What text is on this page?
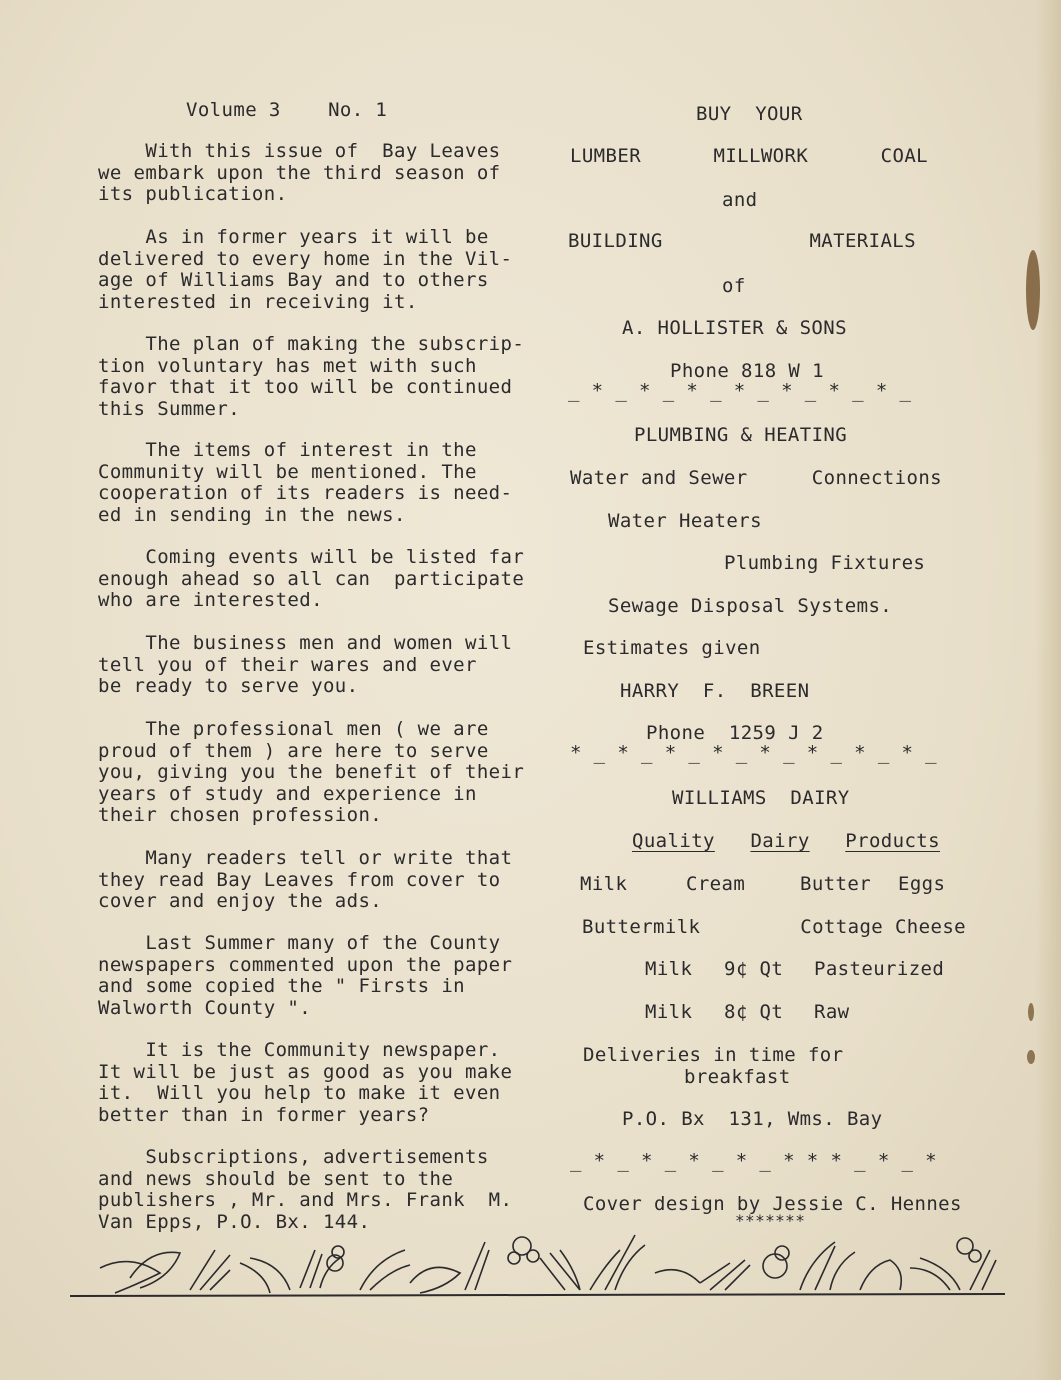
Volume 3 No. 1
With this issue of  Bay Leaves
we embark upon the third season of
its publication.
As in former years it will be
delivered to every home in the Vil-
age of Williams Bay and to others
interested in receiving it.
The plan of making the subscrip-
tion voluntary has met with such
favor that it too will be continued
this Summer.
The items of interest in the
Community will be mentioned. The
cooperation of its readers is need-
ed in sending in the news.
Coming events will be listed far
enough ahead so all can  participate
who are interested.
The business men and women will
tell you of their wares and ever
be ready to serve you.
The professional men ( we are
proud of them ) are here to serve
you, giving you the benefit of their
years of study and experience in
their chosen profession.
Many readers tell or write that
they read Bay Leaves from cover to
cover and enjoy the ads.
Last Summer many of the County
newspapers commented upon the paper
and some copied the " Firsts in
Walworth County ".
It is the Community newspaper.
It will be just as good as you make
it.  Will you help to make it even
better than in former years?
Subscriptions, advertisements
and news should be sent to the
publishers , Mr. and Mrs. Frank  M.
Van Epps, P.O. Bx. 144.
BUY  YOUR
LUMBER	MILLWORK	COAL
and
BUILDING	MATERIALS
of
A. HOLLISTER & SONS
Phone 818 W 1
_ * _ * _ * _ * _ * _ * _ * _
PLUMBING & HEATING
Water and Sewer	Connections
Water Heaters
Plumbing Fixtures
Sewage Disposal Systems.
Estimates given
HARRY  F.  BREEN
Phone  1259 J 2
* _ * _ * _ * _ * _ * _ * _ * _
WILLIAMS  DAIRY
Quality Dairy Products
Milk	Cream	Butter Eggs
Buttermilk	Cottage Cheese
Milk 9¢ Qt Pasteurized
Milk 8¢ Qt Raw
Deliveries in time for
breakfast
P.O. Bx  131, Wms. Bay
_ * _ * _ * _ * _ * * * _ * _ *
Cover design by Jessie C. Hennes
*******
